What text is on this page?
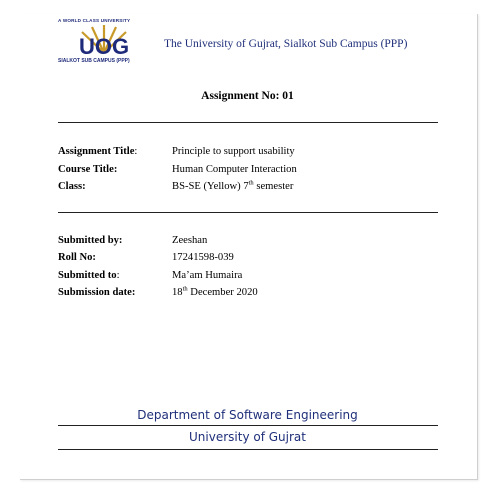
A WORLD CLASS UNIVERSITY
UOG
SIALKOT SUB CAMPUS (PPP)
The University of Gujrat, Sialkot Sub Campus (PPP)
Assignment No: 01
Assignment Title:	Principle to support usability
Course Title:	Human Computer Interaction
Class:	BS-SE (Yellow) 7th semester
Submitted by:	Zeeshan
Roll No:	17241598-039
Submitted to:	Ma’am Humaira
Submission date:	18th December 2020
Department of Software Engineering
University of Gujrat
